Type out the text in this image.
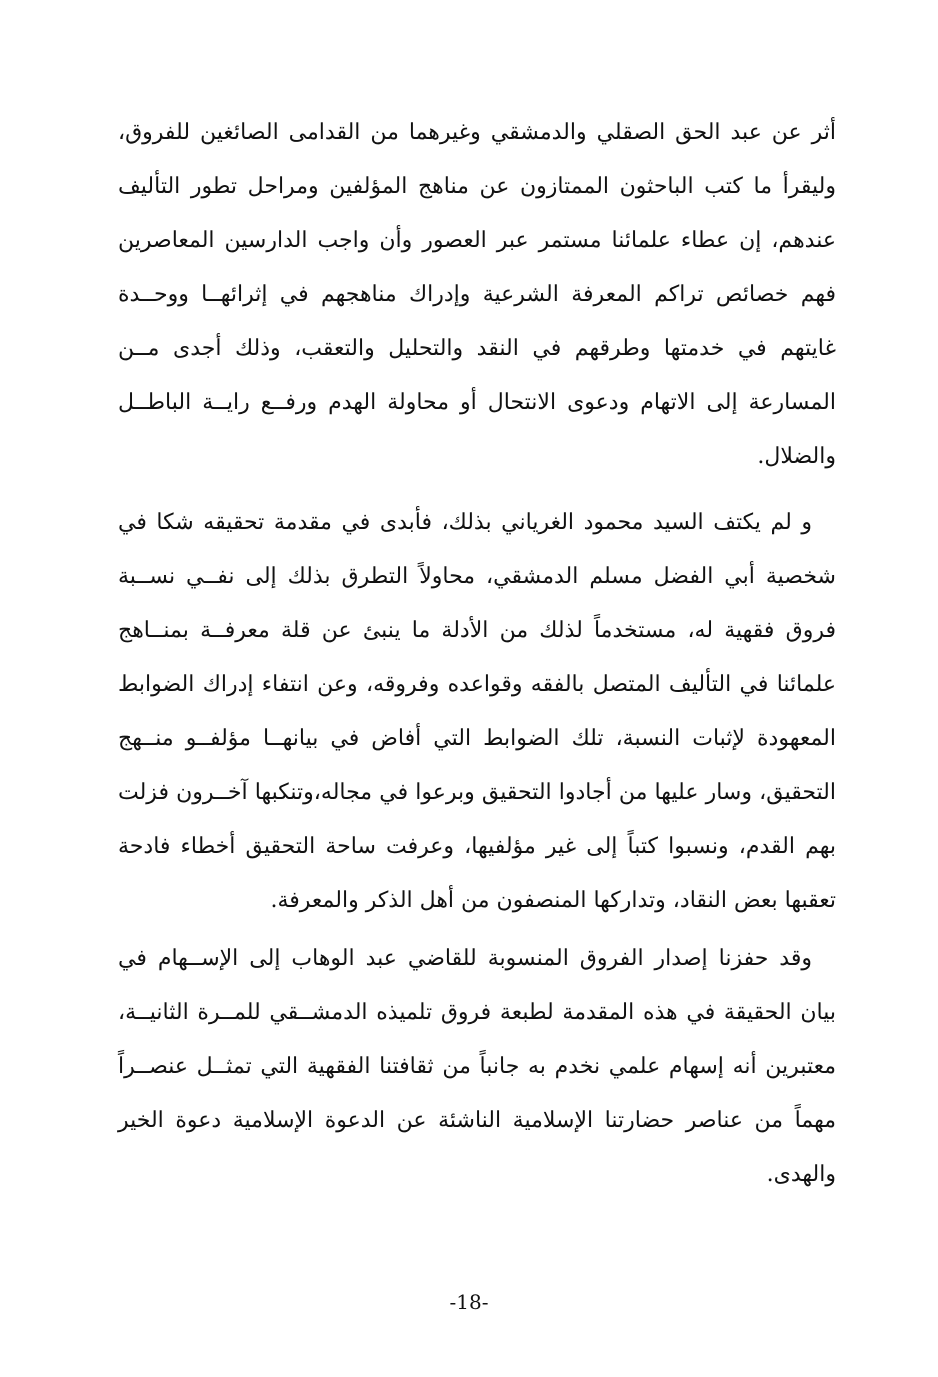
أثر عن عبد الحق الصقلي والدمشقي وغيرهما من القدامى الصائغين للفروق، وليقرأ ما كتب الباحثون الممتازون عن مناهج المؤلفين ومراحل تطور التأليف عندهم، إن عطاء علمائنا مستمر عبر العصور وأن واجب الدارسين المعاصرين فهم خصائص تراكم المعرفة الشرعية وإدراك مناهجهم في إثرائهــا ووحــدة غايتهم في خدمتها وطرقهم في النقد والتحليل والتعقب، وذلك أجدى مــن المسارعة إلى الاتهام ودعوى الانتحال أو محاولة الهدم ورفــع رايــة الباطــل والضلال.

و لم يكتف السيد محمود الغرياني بذلك، فأبدى في مقدمة تحقيقه شكا في شخصية أبي الفضل مسلم الدمشقي، محاولاً التطرق بذلك إلى نفــي نســبة فروق فقهية له، مستخدماً لذلك من الأدلة ما ينبئ عن قلة معرفــة بمنــاهج علمائنا في التأليف المتصل بالفقه وقواعده وفروقه، وعن انتفاء إدراك الضوابط المعهودة لإثبات النسبة، تلك الضوابط التي أفاض في بيانهــا مؤلفــو منــهج التحقيق، وسار عليها من أجادوا التحقيق وبرعوا في مجاله،وتنكبها آخــرون فزلت بهم القدم، ونسبوا كتباً إلى غير مؤلفيها، وعرفت ساحة التحقيق أخطاء فادحة تعقبها بعض النقاد، وتداركها المنصفون من أهل الذكر والمعرفة.

وقد حفزنا إصدار الفروق المنسوبة للقاضي عبد الوهاب إلى الإســهام في بيان الحقيقة في هذه المقدمة لطبعة فروق تلميذه الدمشــقي للمــرة الثانيــة، معتبرين أنه إسهام علمي نخدم به جانباً من ثقافتنا الفقهية التي تمثــل عنصــراً مهماً من عناصر حضارتنا الإسلامية الناشئة عن الدعوة الإسلامية دعوة الخير والهدى.

-18-
